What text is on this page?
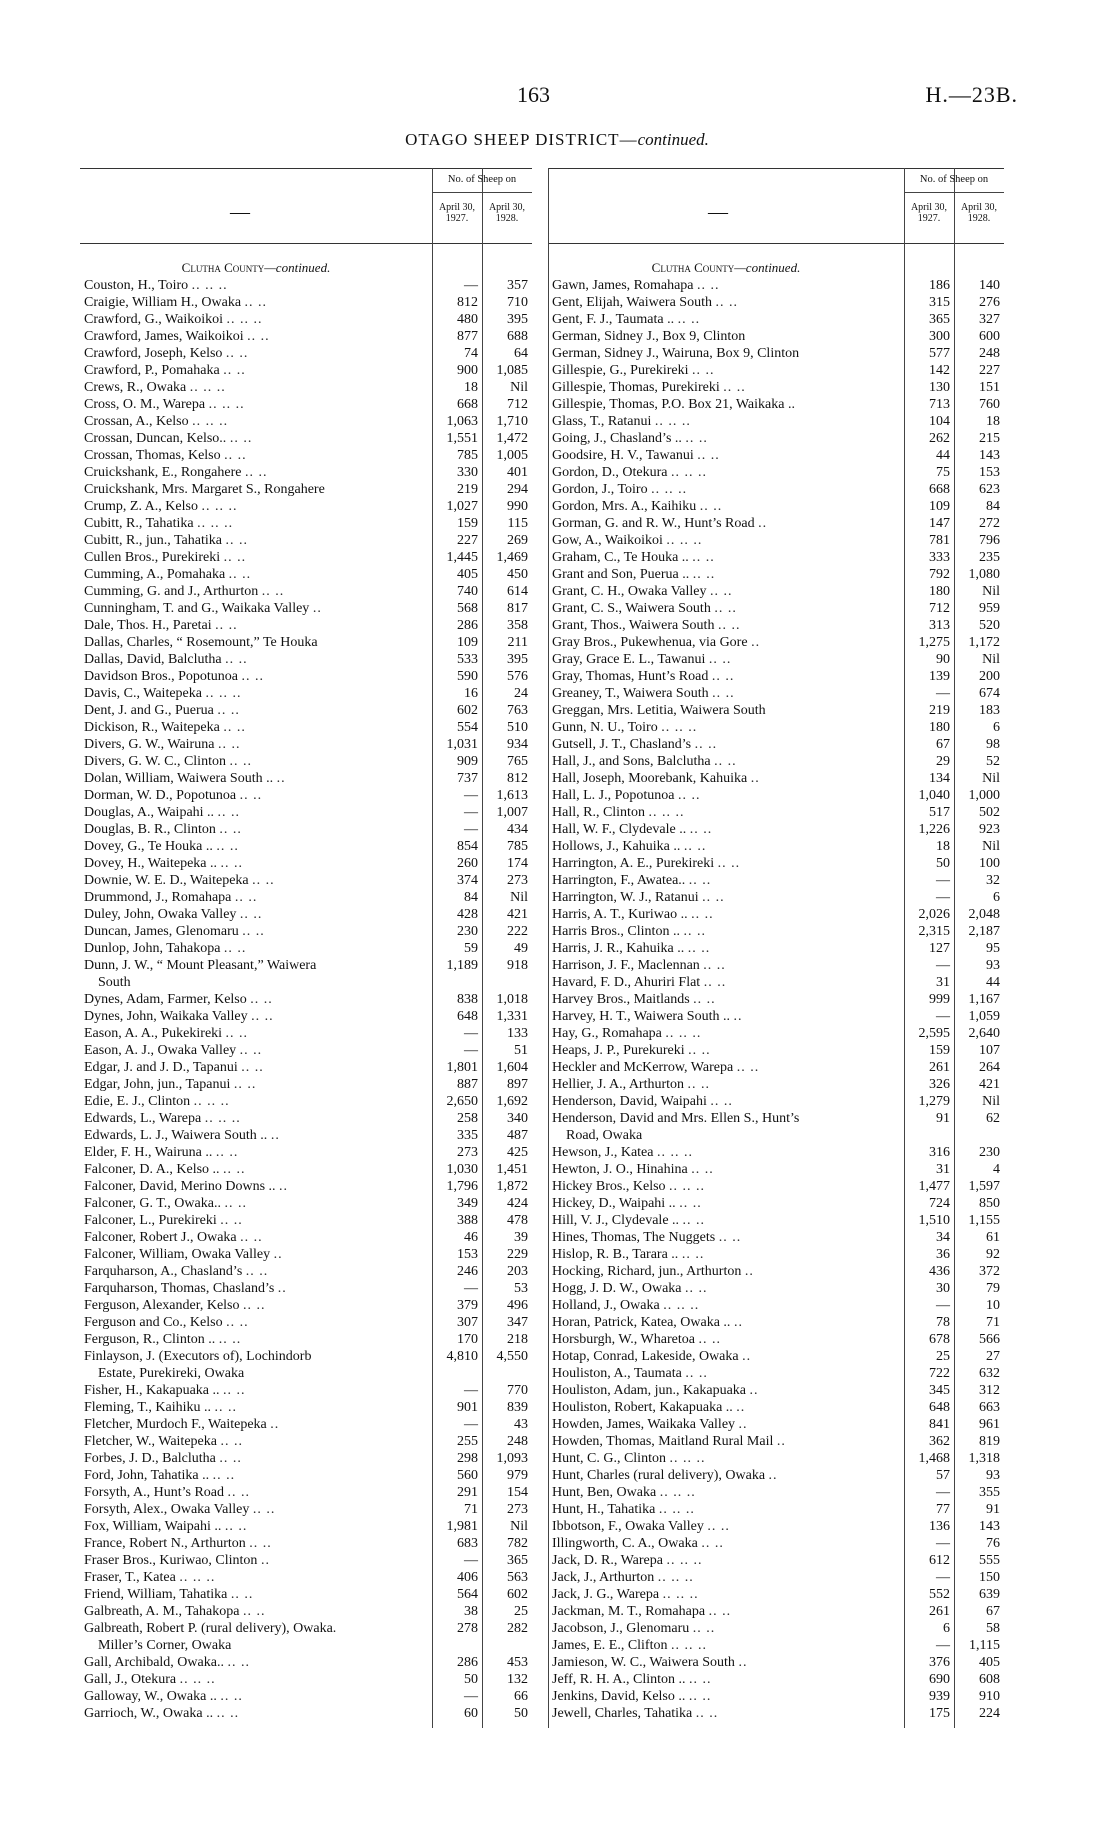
163	H.—23B.
OTAGO SHEEP DISTRICT—continued.
—
No. of Sheep on
April 30, 1927.
April 30, 1928.
Clutha County—continued.
Couston, H., Toiro .. .. ..	—	357
Craigie, William H., Owaka .. ..	812	710
Crawford, G., Waikoikoi .. .. ..	480	395
Crawford, James, Waikoikoi .. ..	877	688
Crawford, Joseph, Kelso .. ..	74	64
Crawford, P., Pomahaka .. ..	900	1,085
Crews, R., Owaka .. .. ..	18	Nil
Cross, O. M., Warepa .. .. ..	668	712
Crossan, A., Kelso .. .. ..	1,063	1,710
Crossan, Duncan, Kelso.. .. ..	1,551	1,472
Crossan, Thomas, Kelso .. ..	785	1,005
Cruickshank, E., Rongahere .. ..	330	401
Cruickshank, Mrs. Margaret S., Rongahere	219	294
Crump, Z. A., Kelso .. .. ..	1,027	990
Cubitt, R., Tahatika .. .. ..	159	115
Cubitt, R., jun., Tahatika .. ..	227	269
Cullen Bros., Purekireki .. ..	1,445	1,469
Cumming, A., Pomahaka .. ..	405	450
Cumming, G. and J., Arthurton .. ..	740	614
Cunningham, T. and G., Waikaka Valley ..	568	817
Dale, Thos. H., Paretai .. ..	286	358
Dallas, Charles, “ Rosemount,” Te Houka	109	211
Dallas, David, Balclutha .. ..	533	395
Davidson Bros., Popotunoa .. ..	590	576
Davis, C., Waitepeka .. .. ..	16	24
Dent, J. and G., Puerua .. ..	602	763
Dickison, R., Waitepeka .. ..	554	510
Divers, G. W., Wairuna .. ..	1,031	934
Divers, G. W. C., Clinton .. ..	909	765
Dolan, William, Waiwera South .. ..	737	812
Dorman, W. D., Popotunoa .. ..	—	1,613
Douglas, A., Waipahi .. .. ..	—	1,007
Douglas, B. R., Clinton .. ..	—	434
Dovey, G., Te Houka .. .. ..	854	785
Dovey, H., Waitepeka .. .. ..	260	174
Downie, W. E. D., Waitepeka .. ..	374	273
Drummond, J., Romahapa .. ..	84	Nil
Duley, John, Owaka Valley .. ..	428	421
Duncan, James, Glenomaru .. ..	230	222
Dunlop, John, Tahakopa .. ..	59	49
Dunn, J. W., “ Mount Pleasant,” Waiwera
South
1,189	918
Dynes, Adam, Farmer, Kelso .. ..	838	1,018
Dynes, John, Waikaka Valley .. ..	648	1,331
Eason, A. A., Pukekireki .. ..	—	133
Eason, A. J., Owaka Valley .. ..	—	51
Edgar, J. and J. D., Tapanui .. ..	1,801	1,604
Edgar, John, jun., Tapanui .. ..	887	897
Edie, E. J., Clinton .. .. ..	2,650	1,692
Edwards, L., Warepa .. .. ..	258	340
Edwards, L. J., Waiwera South .. ..	335	487
Elder, F. H., Wairuna .. .. ..	273	425
Falconer, D. A., Kelso .. .. ..	1,030	1,451
Falconer, David, Merino Downs .. ..	1,796	1,872
Falconer, G. T., Owaka.. .. ..	349	424
Falconer, L., Purekireki .. ..	388	478
Falconer, Robert J., Owaka .. ..	46	39
Falconer, William, Owaka Valley ..	153	229
Farquharson, A., Chasland’s .. ..	246	203
Farquharson, Thomas, Chasland’s ..	—	53
Ferguson, Alexander, Kelso .. ..	379	496
Ferguson and Co., Kelso .. ..	307	347
Ferguson, R., Clinton .. .. ..	170	218
Finlayson, J. (Executors of), Lochindorb
Estate, Purekireki, Owaka
4,810	4,550
Fisher, H., Kakapuaka .. .. ..	—	770
Fleming, T., Kaihiku .. .. ..	901	839
Fletcher, Murdoch F., Waitepeka ..	—	43
Fletcher, W., Waitepeka .. ..	255	248
Forbes, J. D., Balclutha .. ..	298	1,093
Ford, John, Tahatika .. .. ..	560	979
Forsyth, A., Hunt’s Road .. ..	291	154
Forsyth, Alex., Owaka Valley .. ..	71	273
Fox, William, Waipahi .. .. ..	1,981	Nil
France, Robert N., Arthurton .. ..	683	782
Fraser Bros., Kuriwao, Clinton ..	—	365
Fraser, T., Katea .. .. ..	406	563
Friend, William, Tahatika .. ..	564	602
Galbreath, A. M., Tahakopa .. ..	38	25
Galbreath, Robert P. (rural delivery), Owaka.
Miller’s Corner, Owaka
278	282
Gall, Archibald, Owaka.. .. ..	286	453
Gall, J., Otekura .. .. ..	50	132
Galloway, W., Owaka .. .. ..	—	66
Garrioch, W., Owaka .. .. ..	60	50
—
No. of Sheep on
April 30, 1927.
April 30, 1928.
Clutha County—continued.
Gawn, James, Romahapa .. ..	186	140
Gent, Elijah, Waiwera South .. ..	315	276
Gent, F. J., Taumata .. .. ..	365	327
German, Sidney J., Box 9, Clinton	300	600
German, Sidney J., Wairuna, Box 9, Clinton	577	248
Gillespie, G., Purekireki .. ..	142	227
Gillespie, Thomas, Purekireki .. ..	130	151
Gillespie, Thomas, P.O. Box 21, Waikaka ..	713	760
Glass, T., Ratanui .. .. ..	104	18
Going, J., Chasland’s .. .. ..	262	215
Goodsire, H. V., Tawanui .. ..	44	143
Gordon, D., Otekura .. .. ..	75	153
Gordon, J., Toiro .. .. ..	668	623
Gordon, Mrs. A., Kaihiku .. ..	109	84
Gorman, G. and R. W., Hunt’s Road ..	147	272
Gow, A., Waikoikoi .. .. ..	781	796
Graham, C., Te Houka .. .. ..	333	235
Grant and Son, Puerua .. .. ..	792	1,080
Grant, C. H., Owaka Valley .. ..	180	Nil
Grant, C. S., Waiwera South .. ..	712	959
Grant, Thos., Waiwera South .. ..	313	520
Gray Bros., Pukewhenua, via Gore ..	1,275	1,172
Gray, Grace E. L., Tawanui .. ..	90	Nil
Gray, Thomas, Hunt’s Road .. ..	139	200
Greaney, T., Waiwera South .. ..	—	674
Greggan, Mrs. Letitia, Waiwera South	219	183
Gunn, N. U., Toiro .. .. ..	180	6
Gutsell, J. T., Chasland’s .. ..	67	98
Hall, J., and Sons, Balclutha .. ..	29	52
Hall, Joseph, Moorebank, Kahuika ..	134	Nil
Hall, L. J., Popotunoa .. ..	1,040	1,000
Hall, R., Clinton .. .. ..	517	502
Hall, W. F., Clydevale .. .. ..	1,226	923
Hollows, J., Kahuika .. .. ..	18	Nil
Harrington, A. E., Purekireki .. ..	50	100
Harrington, F., Awatea.. .. ..	—	32
Harrington, W. J., Ratanui .. ..	—	6
Harris, A. T., Kuriwao .. .. ..	2,026	2,048
Harris Bros., Clinton .. .. ..	2,315	2,187
Harris, J. R., Kahuika .. .. ..	127	95
Harrison, J. F., Maclennan .. ..	—	93
Havard, F. D., Ahuriri Flat .. ..	31	44
Harvey Bros., Maitlands .. ..	999	1,167
Harvey, H. T., Waiwera South .. ..	—	1,059
Hay, G., Romahapa .. .. ..	2,595	2,640
Heaps, J. P., Purekureki .. ..	159	107
Heckler and McKerrow, Warepa .. ..	261	264
Hellier, J. A., Arthurton .. ..	326	421
Henderson, David, Waipahi .. ..	1,279	Nil
Henderson, David and Mrs. Ellen S., Hunt’s
Road, Owaka
91	62
Hewson, J., Katea .. .. ..	316	230
Hewton, J. O., Hinahina .. ..	31	4
Hickey Bros., Kelso .. .. ..	1,477	1,597
Hickey, D., Waipahi .. .. ..	724	850
Hill, V. J., Clydevale .. .. ..	1,510	1,155
Hines, Thomas, The Nuggets .. ..	34	61
Hislop, R. B., Tarara .. .. ..	36	92
Hocking, Richard, jun., Arthurton ..	436	372
Hogg, J. D. W., Owaka .. ..	30	79
Holland, J., Owaka .. .. ..	—	10
Horan, Patrick, Katea, Owaka .. ..	78	71
Horsburgh, W., Wharetoa .. ..	678	566
Hotap, Conrad, Lakeside, Owaka ..	25	27
Houliston, A., Taumata .. ..	722	632
Houliston, Adam, jun., Kakapuaka ..	345	312
Houliston, Robert, Kakapuaka .. ..	648	663
Howden, James, Waikaka Valley ..	841	961
Howden, Thomas, Maitland Rural Mail ..	362	819
Hunt, C. G., Clinton .. .. ..	1,468	1,318
Hunt, Charles (rural delivery), Owaka ..	57	93
Hunt, Ben, Owaka .. .. ..	—	355
Hunt, H., Tahatika .. .. ..	77	91
Ibbotson, F., Owaka Valley .. ..	136	143
Illingworth, C. A., Owaka .. ..	—	76
Jack, D. R., Warepa .. .. ..	612	555
Jack, J., Arthurton .. .. ..	—	150
Jack, J. G., Warepa .. .. ..	552	639
Jackman, M. T., Romahapa .. ..	261	67
Jacobson, J., Glenomaru .. ..	6	58
James, E. E., Clifton .. .. ..	—	1,115
Jamieson, W. C., Waiwera South ..	376	405
Jeff, R. H. A., Clinton .. .. ..	690	608
Jenkins, David, Kelso .. .. ..	939	910
Jewell, Charles, Tahatika .. ..	175	224
